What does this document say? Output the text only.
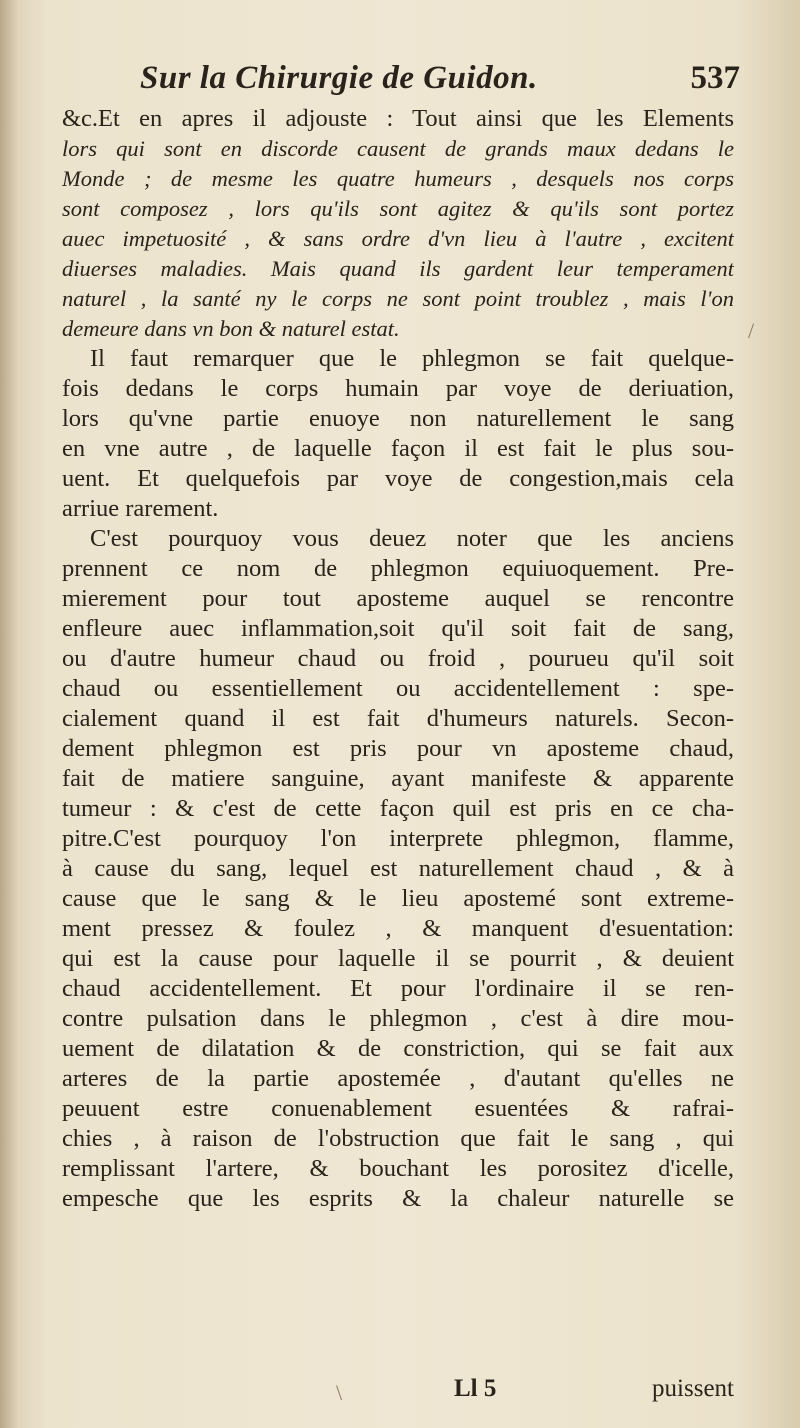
Sur la Chirurgie de Guidon.	537
&c.Et en apres il adjouste : Tout ainsi que les Elements
lors qui sont en discorde causent de grands maux dedans le
Monde ; de mesme les quatre humeurs , desquels nos corps
sont composez , lors qu'ils sont agitez & qu'ils sont portez
auec impetuosité , & sans ordre d'vn lieu à l'autre , excitent
diuerses maladies. Mais quand ils gardent leur temperament
naturel , la santé ny le corps ne sont point troublez , mais l'on
demeure dans vn bon & naturel estat.
Il faut remarquer que le phlegmon se fait quelque-
fois dedans le corps humain par voye de deriuation,
lors qu'vne partie enuoye non naturellement le sang
en vne autre , de laquelle façon il est fait le plus sou-
uent. Et quelquefois par voye de congestion,mais cela
arriue rarement.
C'est pourquoy vous deuez noter que les anciens
prennent ce nom de phlegmon equiuoquement. Pre-
mierement pour tout aposteme auquel se rencontre
enfleure auec inflammation,soit qu'il soit fait de sang,
ou d'autre humeur chaud ou froid , pourueu qu'il soit
chaud ou essentiellement ou accidentellement : spe-
cialement quand il est fait d'humeurs naturels. Secon-
dement phlegmon est pris pour vn aposteme chaud,
fait de matiere sanguine, ayant manifeste & apparente
tumeur : & c'est de cette façon quil est pris en ce cha-
pitre.C'est pourquoy l'on interprete phlegmon, flamme,
à cause du sang, lequel est naturellement chaud , & à
cause que le sang & le lieu apostemé sont extreme-
ment pressez & foulez , & manquent d'esuentation:
qui est la cause pour laquelle il se pourrit , & deuient
chaud accidentellement. Et pour l'ordinaire il se ren-
contre pulsation dans le phlegmon , c'est à dire mou-
uement de dilatation & de constriction, qui se fait aux
arteres de la partie apostemée , d'autant qu'elles ne
peuuent estre conuenablement esuentées & rafrai-
chies , à raison de l'obstruction que fait le sang , qui
remplissant l'artere, & bouchant les porositez d'icelle,
empesche que les esprits & la chaleur naturelle se
Ll 5	puissent
/
\
